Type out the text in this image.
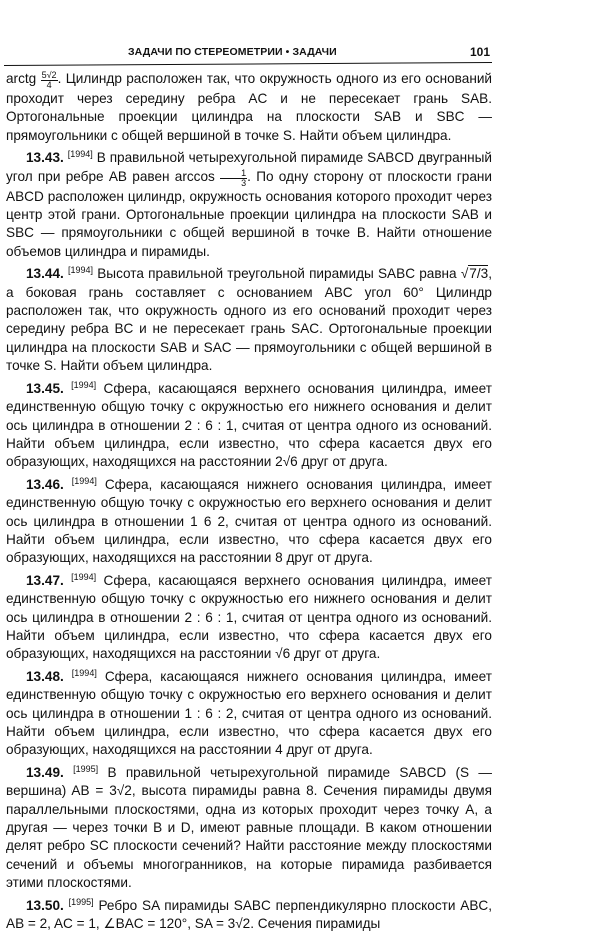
ЗАДАЧИ ПО СТЕРЕОМЕТРИИ • ЗАДАЧИ	101

arctg $\frac{5√2}{4}$ . Цилиндр расположен так, что окружность одного из его оснований проходит через середину ребра AC и не пересекает грань SAB. Ортогональные проекции цилиндра на плоскости SAB и SBC — прямоугольники с общей вершиной в точке S. Найти объем цилиндра.

13.43. [1994] В правильной четырехугольной пирамиде SABCD двугранный угол при ребре AB равен $\arccos \frac{1}{3}$ . По одну сторону от плоскости грани ABCD расположен цилиндр, окружность основания которого проходит через центр этой грани. Ортогональные проекции цилиндра на плоскости SAB и SBC — прямоугольники с общей вершиной в точке B. Найти отношение объемов цилиндра и пирамиды.

13.44. [1994] Высота правильной треугольной пирамиды SABC равна √7/3, а боковая грань составляет с основанием ABC угол 60° Цилиндр расположен так, что окружность одного из его оснований проходит через середину ребра BC и не пересекает грань SAC. Ортогональные проекции цилиндра на плоскости SAB и SAC — прямоугольники с общей вершиной в точке S. Найти объем цилиндра.

13.45. [1994] Сфера, касающаяся верхнего основания цилиндра, имеет единственную общую точку с окружностью его нижнего основания и делит ось цилиндра в отношении 2 : 6 : 1, считая от центра одного из оснований. Найти объем цилиндра, если известно, что сфера касается двух его образующих, находящихся на расстоянии 2√6 друг от друга.

13.46. [1994] Сфера, касающаяся нижнего основания цилиндра, имеет единственную общую точку с окружностью его верхнего основания и делит ось цилиндра в отношении 1 6 2, считая от центра одного из оснований. Найти объем цилиндра, если известно, что сфера касается двух его образующих, находящихся на расстоянии 8 друг от друга.

13.47. [1994] Сфера, касающаяся верхнего основания цилиндра, имеет единственную общую точку с окружностью его нижнего основания и делит ось цилиндра в отношении 2 : 6 : 1, считая от центра одного из оснований. Найти объем цилиндра, если известно, что сфера касается двух его образующих, находящихся на расстоянии √6 друг от друга.

13.48. [1994] Сфера, касающаяся нижнего основания цилиндра, имеет единственную общую точку с окружностью его верхнего основания и делит ось цилиндра в отношении 1 : 6 : 2, считая от центра одного из оснований. Найти объем цилиндра, если известно, что сфера касается двух его образующих, находящихся на расстоянии 4 друг от друга.

13.49. [1995] В правильной четырехугольной пирамиде SABCD (S — вершина) AB = 3√2, высота пирамиды равна 8. Сечения пирамиды двумя параллельными плоскостями, одна из которых проходит через точку A, а другая — через точки B и D, имеют равные площади. В каком отношении делят ребро SC плоскости сечений? Найти расстояние между плоскостями сечений и объемы многогранников, на которые пирамида разбивается этими плоскостями.

13.50. [1995] Ребро SA пирамиды SABC перпендикулярно плоскости ABC, AB = 2, AC = 1, ∠BAC = 120°, SA = 3√2. Сечения пирамиды
